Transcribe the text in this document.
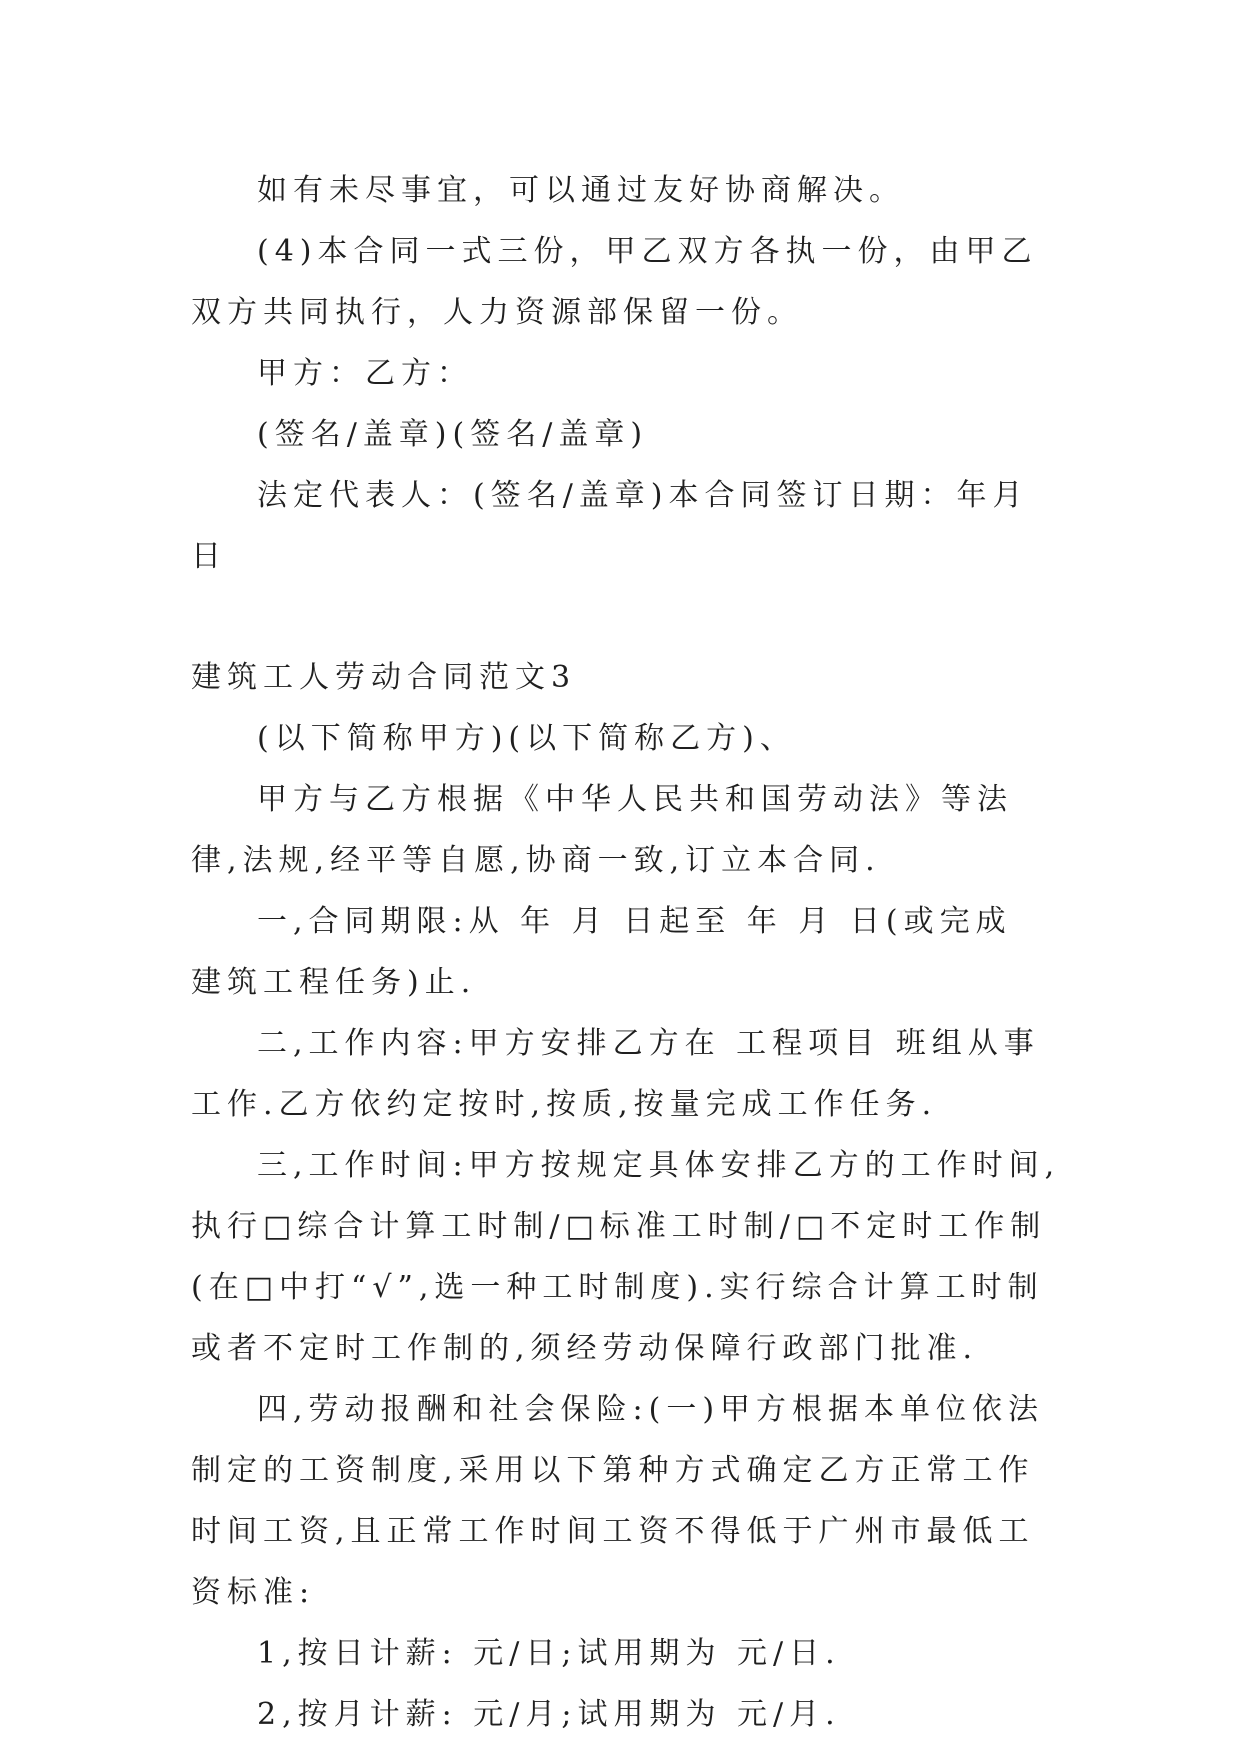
如有未尽事宜，可以通过友好协商解决。

(4)本合同一式三份，甲乙双方各执一份，由甲乙双方共同执行，人力资源部保留一份。

甲方：乙方：

(签名/盖章)(签名/盖章)

法定代表人：(签名/盖章)本合同签订日期：年月日

建筑工人劳动合同范文3

(以下简称甲方)(以下简称乙方)、

甲方与乙方根据《中华人民共和国劳动法》等法律,法规,经平等自愿,协商一致,订立本合同.

一,合同期限:从 年 月 日起至 年 月 日(或完成 建筑工程任务)止.

二,工作内容:甲方安排乙方在 工程项目 班组从事 工作.乙方依约定按时,按质,按量完成工作任务.

三,工作时间:甲方按规定具体安排乙方的工作时间,执行□综合计算工时制/□标准工时制/□不定时工作制(在□中打“√”,选一种工时制度).实行综合计算工时制或者不定时工作制的,须经劳动保障行政部门批准.

四,劳动报酬和社会保险:(一)甲方根据本单位依法制定的工资制度,采用以下第种方式确定乙方正常工作时间工资,且正常工作时间工资不得低于广州市最低工资标准:

1,按日计薪: 元/日;试用期为 元/日.

2,按月计薪: 元/月;试用期为 元/月.
